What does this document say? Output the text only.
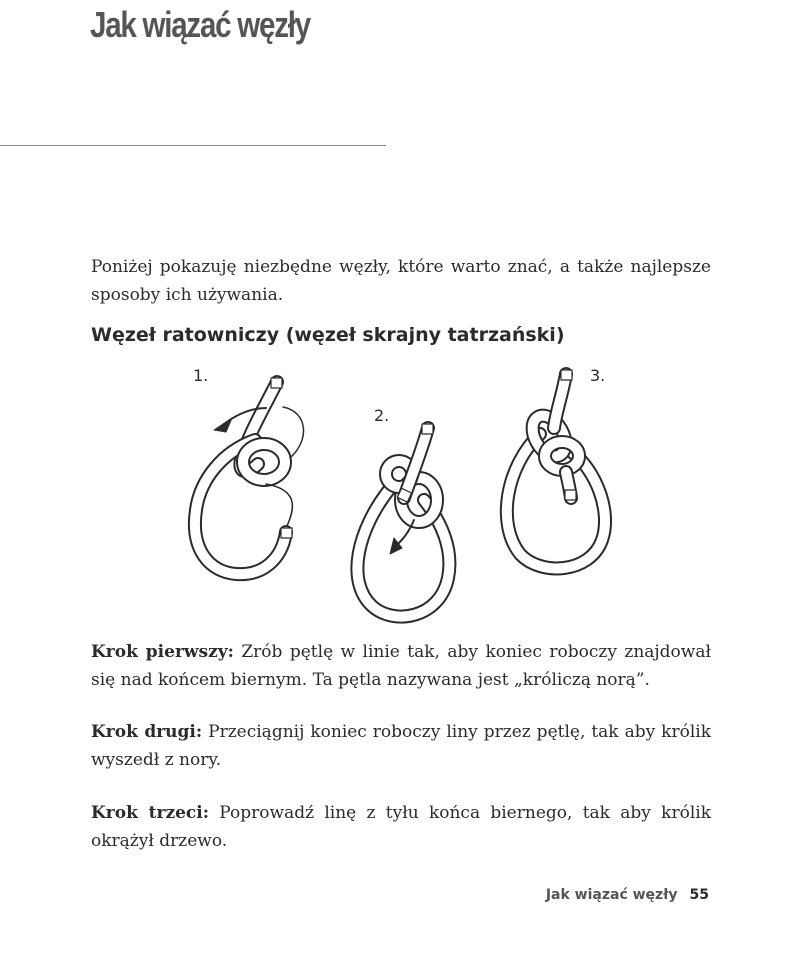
Jak wiązać węzły

Poniżej pokazuję niezbędne węzły, które warto znać, a także najlepsze sposoby ich używania.

Węzeł ratowniczy (węzeł skrajny tatrzański)
1.
2.
3.

Krok pierwszy: Zrób pętlę w linie tak, aby koniec roboczy znajdował się nad końcem biernym. Ta pętla nazywana jest „króliczą norą”.

Krok drugi: Przeciągnij koniec roboczy liny przez pętlę, tak aby królik wyszedł z nory.

Krok trzeci: Poprowadź linę z tyłu końca biernego, tak aby królik okrążył drzewo.

Jak wiązać węzły 55
